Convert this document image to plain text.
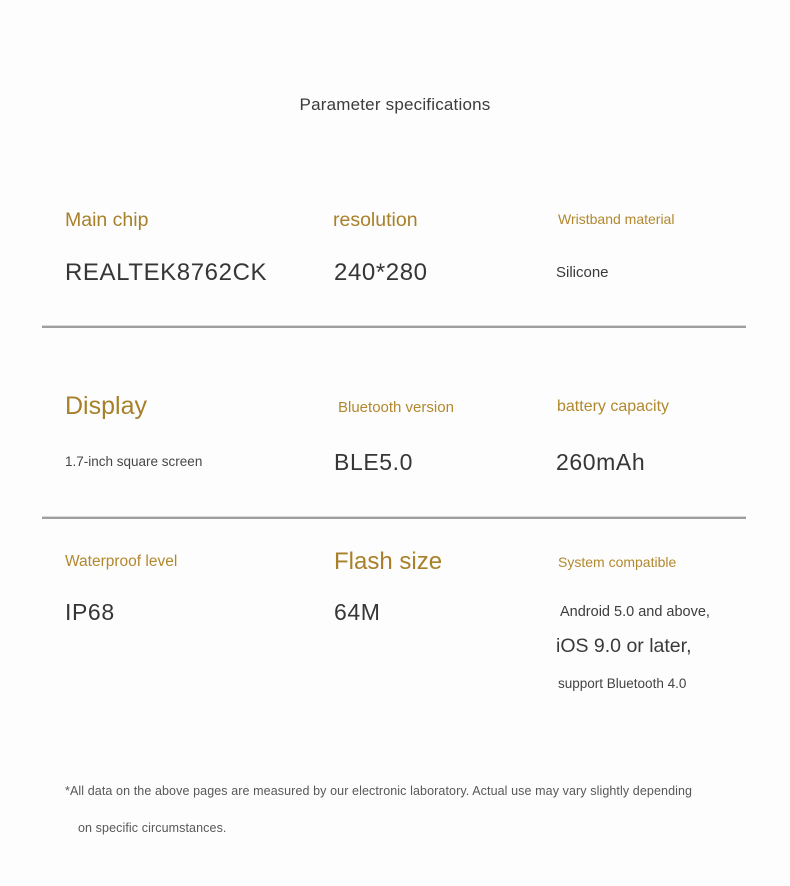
Parameter specifications
Main chip
REALTEK8762CK
resolution
240*280
Wristband material
Silicone
Display
1.7-inch square screen
Bluetooth version
BLE5.0
battery capacity
260mAh
Waterproof level
IP68
Flash size
64M
System compatible
Android 5.0 and above,
iOS 9.0 or later,
support Bluetooth 4.0
*All data on the above pages are measured by our electronic laboratory. Actual use may vary slightly depending
on specific circumstances.
